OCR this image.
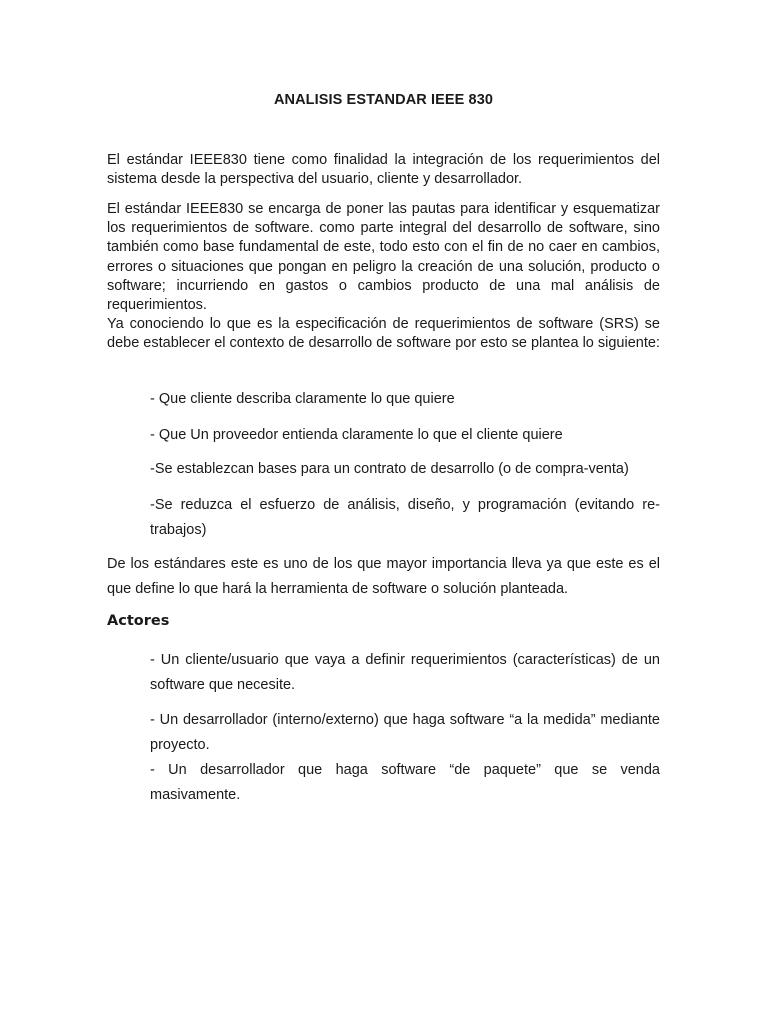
ANALISIS ESTANDAR IEEE 830

El estándar IEEE830 tiene como finalidad la integración de los requerimientos del sistema desde la perspectiva del usuario, cliente y desarrollador.

El estándar IEEE830 se encarga de poner las pautas para identificar y esquematizar los requerimientos de software. como parte integral del desarrollo de software, sino también como base fundamental de este, todo esto con el fin de no caer en cambios, errores o situaciones que pongan en peligro la creación de una solución, producto o software; incurriendo en gastos o cambios producto de una mal análisis de requerimientos.

Ya conociendo lo que es la especificación de requerimientos de software (SRS) se debe establecer el contexto de desarrollo de software por esto se plantea lo siguiente:

- Que cliente describa claramente lo que quiere

- Que Un proveedor entienda claramente lo que el cliente quiere

-Se establezcan bases para un contrato de desarrollo (o de compra-venta)

-Se reduzca el esfuerzo de análisis, diseño, y programación (evitando re-trabajos)

De los estándares este es uno de los que mayor importancia lleva ya que este es el que define lo que hará la herramienta de software o solución planteada.

Actores

- Un cliente/usuario que vaya a definir requerimientos (características) de un software que necesite.

- Un desarrollador (interno/externo) que haga software “a la medida” mediante proyecto.

- Un desarrollador que haga software “de paquete” que se venda masivamente.
